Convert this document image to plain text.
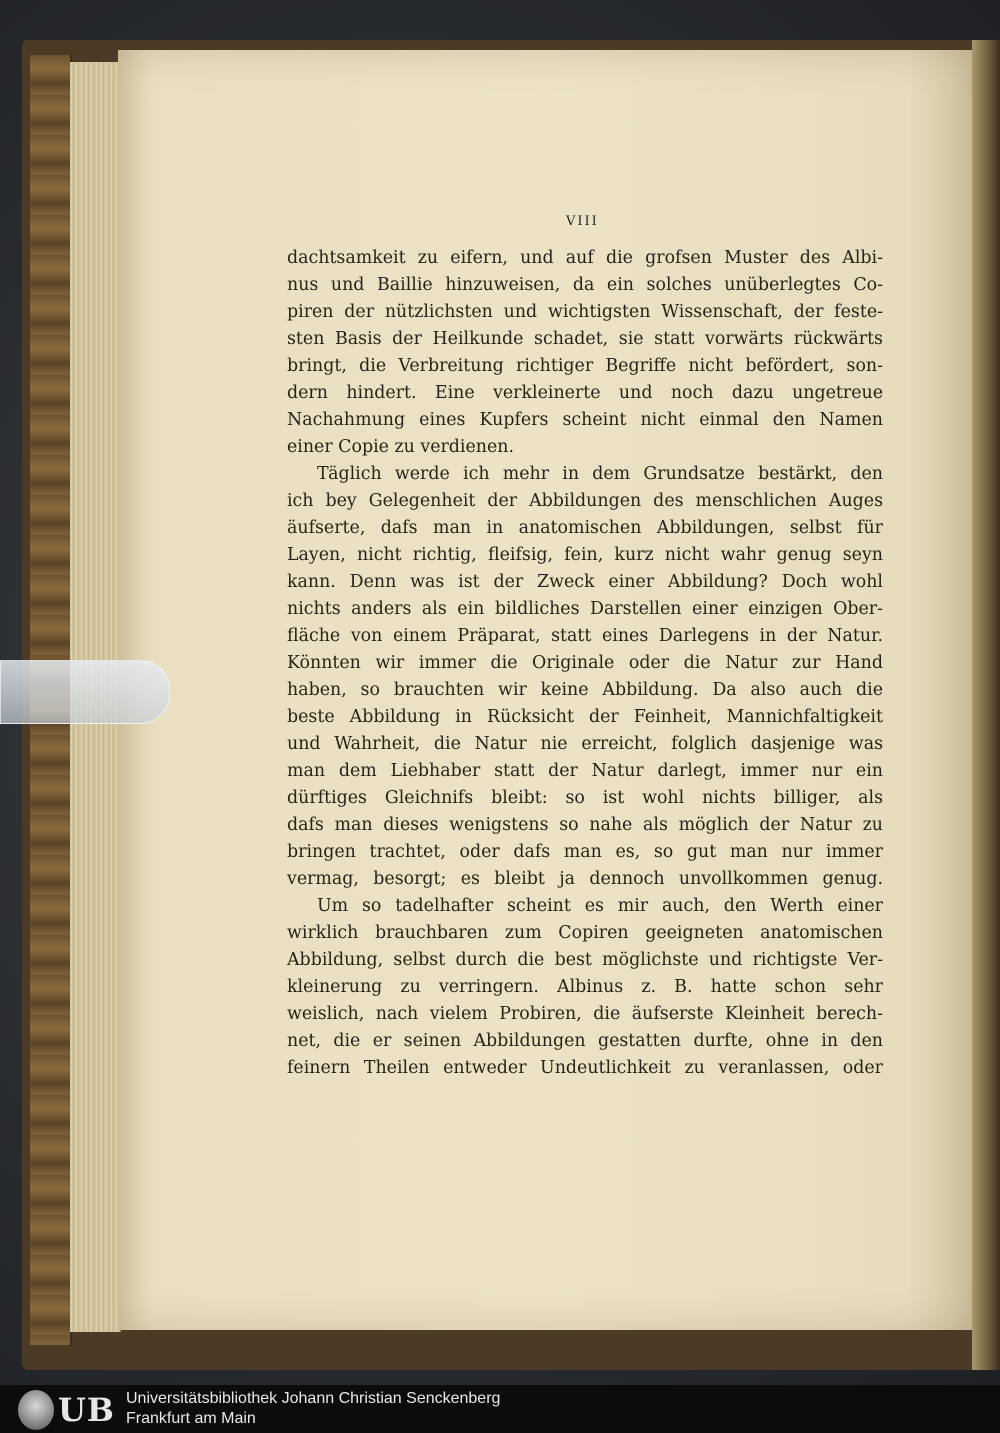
VIII
dachtsamkeit zu eifern, und auf die grofsen Muster des Albi-
nus und Baillie hinzuweisen, da ein solches unüberlegtes Co-
piren der nützlichsten und wichtigsten Wissenschaft, der feste-
sten Basis der Heilkunde schadet, sie statt vorwärts rückwärts
bringt, die Verbreitung richtiger Begriffe nicht befördert, son-
dern hindert. Eine verkleinerte und noch dazu ungetreue
Nachahmung eines Kupfers scheint nicht einmal den Namen
einer Copie zu verdienen.
Täglich werde ich mehr in dem Grundsatze bestärkt, den
ich bey Gelegenheit der Abbildungen des menschlichen Auges
äufserte, dafs man in anatomischen Abbildungen, selbst für
Layen, nicht richtig, fleifsig, fein, kurz nicht wahr genug seyn
kann. Denn was ist der Zweck einer Abbildung? Doch wohl
nichts anders als ein bildliches Darstellen einer einzigen Ober-
fläche von einem Präparat, statt eines Darlegens in der Natur.
Könnten wir immer die Originale oder die Natur zur Hand
haben, so brauchten wir keine Abbildung. Da also auch die
beste Abbildung in Rücksicht der Feinheit, Mannichfaltigkeit
und Wahrheit, die Natur nie erreicht, folglich dasjenige was
man dem Liebhaber statt der Natur darlegt, immer nur ein
dürftiges Gleichnifs bleibt: so ist wohl nichts billiger, als
dafs man dieses wenigstens so nahe als möglich der Natur zu
bringen trachtet, oder dafs man es, so gut man nur immer
vermag, besorgt; es bleibt ja dennoch unvollkommen genug.
Um so tadelhafter scheint es mir auch, den Werth einer
wirklich brauchbaren zum Copiren geeigneten anatomischen
Abbildung, selbst durch die best möglichste und richtigste Ver-
kleinerung zu verringern. Albinus z. B. hatte schon sehr
weislich, nach vielem Probiren, die äufserste Kleinheit berech-
net, die er seinen Abbildungen gestatten durfte, ohne in den
feinern Theilen entweder Undeutlichkeit zu veranlassen, oder
UB Universitätsbibliothek Johann Christian Senckenberg
Frankfurt am Main
